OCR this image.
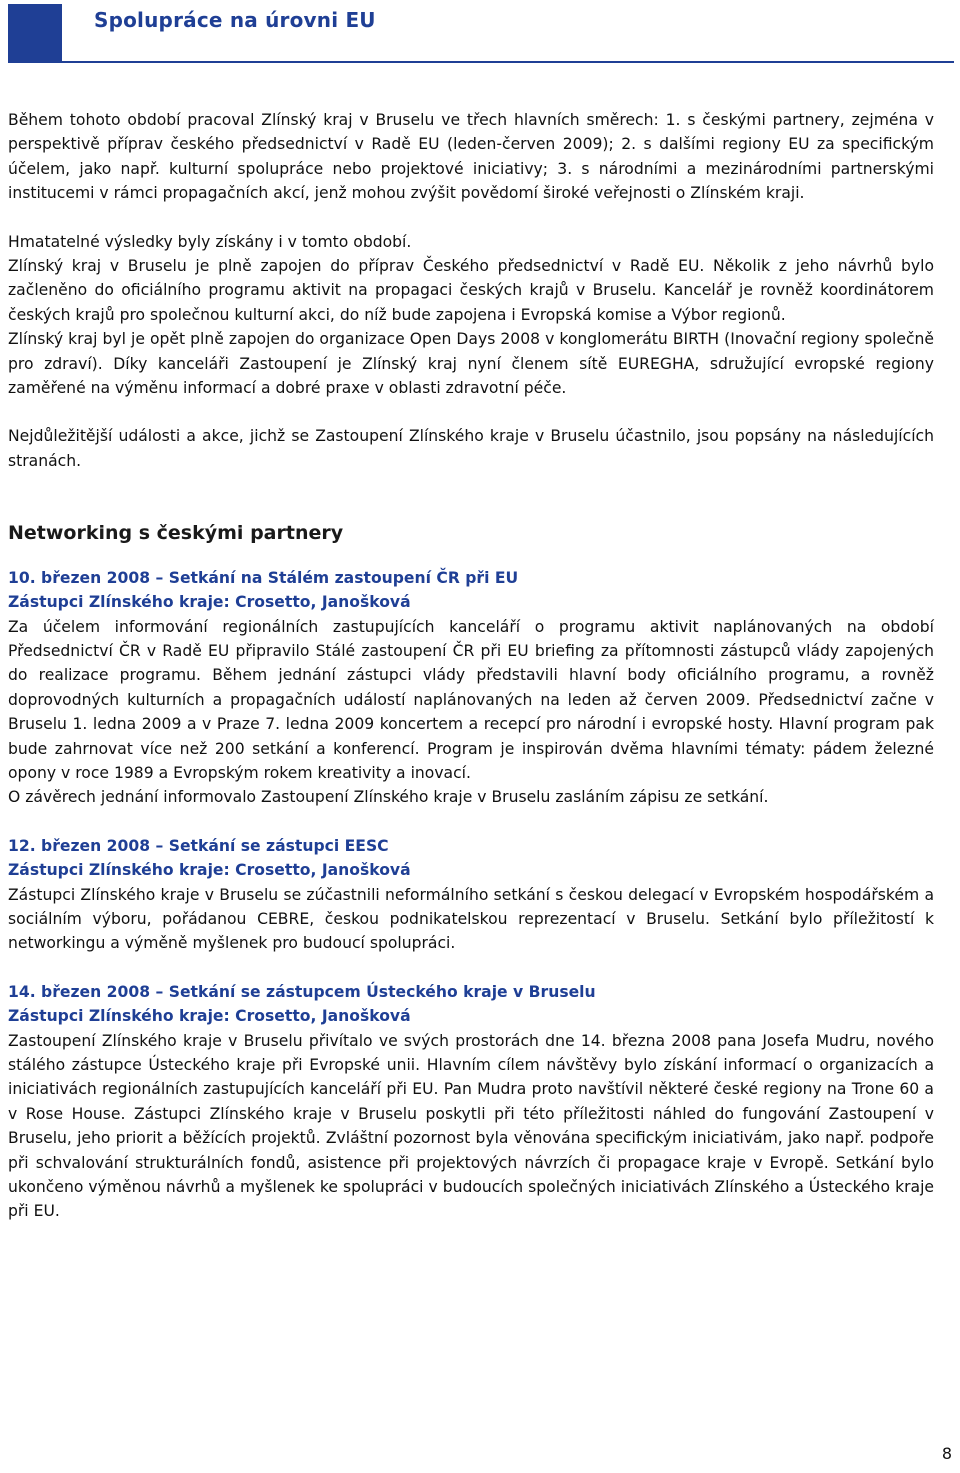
Spolupráce na úrovni EU

Během tohoto období pracoval Zlínský kraj v Bruselu ve třech hlavních směrech: 1. s českými partnery, zejména v perspektivě příprav českého předsednictví v Radě EU (leden-červen 2009); 2. s dalšími regiony EU za specifickým účelem, jako např. kulturní spolupráce nebo projektové iniciativy; 3. s národními a mezinárodními partnerskými institucemi v rámci propagačních akcí, jenž mohou zvýšit povědomí široké veřejnosti o Zlínském kraji.

Hmatatelné výsledky byly získány i v tomto období.

Zlínský kraj v Bruselu je plně zapojen do příprav Českého předsednictví v Radě EU. Několik z jeho návrhů bylo začleněno do oficiálního programu aktivit na propagaci českých krajů v Bruselu. Kancelář je rovněž koordinátorem českých krajů pro společnou kulturní akci, do níž bude zapojena i Evropská komise a Výbor regionů.

Zlínský kraj byl je opět plně zapojen do organizace Open Days 2008 v konglomerátu BIRTH (Inovační regiony společně pro zdraví). Díky kanceláři Zastoupení je Zlínský kraj nyní členem sítě EUREGHA, sdružující evropské regiony zaměřené na výměnu informací a dobré praxe v oblasti zdravotní péče.

Nejdůležitější události a akce, jichž se Zastoupení Zlínského kraje v Bruselu účastnilo, jsou popsány na následujících stranách.

Networking s českými partnery

10. březen 2008 – Setkání na Stálém zastoupení ČR při EU

Zástupci Zlínského kraje: Crosetto, Janošková

Za účelem informování regionálních zastupujících kanceláří o programu aktivit naplánovaných na období Předsednictví ČR v Radě EU připravilo Stálé zastoupení ČR při EU briefing za přítomnosti zástupců vlády zapojených do realizace programu. Během jednání zástupci vlády představili hlavní body oficiálního programu, a rovněž doprovodných kulturních a propagačních událostí naplánovaných na leden až červen 2009. Předsednictví začne v Bruselu 1. ledna 2009 a v Praze 7. ledna 2009 koncertem a recepcí pro národní i evropské hosty. Hlavní program pak bude zahrnovat více než 200 setkání a konferencí. Program je inspirován dvěma hlavními tématy: pádem železné opony v roce 1989 a Evropským rokem kreativity a inovací.

O závěrech jednání informovalo Zastoupení Zlínského kraje v Bruselu zasláním zápisu ze setkání.

12. březen 2008 – Setkání se zástupci EESC

Zástupci Zlínského kraje: Crosetto, Janošková

Zástupci Zlínského kraje v Bruselu se zúčastnili neformálního setkání s českou delegací v Evropském hospodářském a sociálním výboru, pořádanou CEBRE, českou podnikatelskou reprezentací v Bruselu. Setkání bylo příležitostí k networkingu a výměně myšlenek pro budoucí spolupráci.

14. březen 2008 – Setkání se zástupcem Ústeckého kraje v Bruselu

Zástupci Zlínského kraje: Crosetto, Janošková

Zastoupení Zlínského kraje v Bruselu přivítalo ve svých prostorách dne 14. března 2008 pana Josefa Mudru, nového stálého zástupce Ústeckého kraje při Evropské unii. Hlavním cílem návštěvy bylo získání informací o organizacích a iniciativách regionálních zastupujících kanceláří při EU. Pan Mudra proto navštívil některé české regiony na Trone 60 a v Rose House. Zástupci Zlínského kraje v Bruselu poskytli při této příležitosti náhled do fungování Zastoupení v Bruselu, jeho priorit a běžících projektů. Zvláštní pozornost byla věnována specifickým iniciativám, jako např. podpoře při schvalování strukturálních fondů, asistence při projektových návrzích či propagace kraje v Evropě. Setkání bylo ukončeno výměnou návrhů a myšlenek ke spolupráci v budoucích společných iniciativách Zlínského a Ústeckého kraje při EU.

8
